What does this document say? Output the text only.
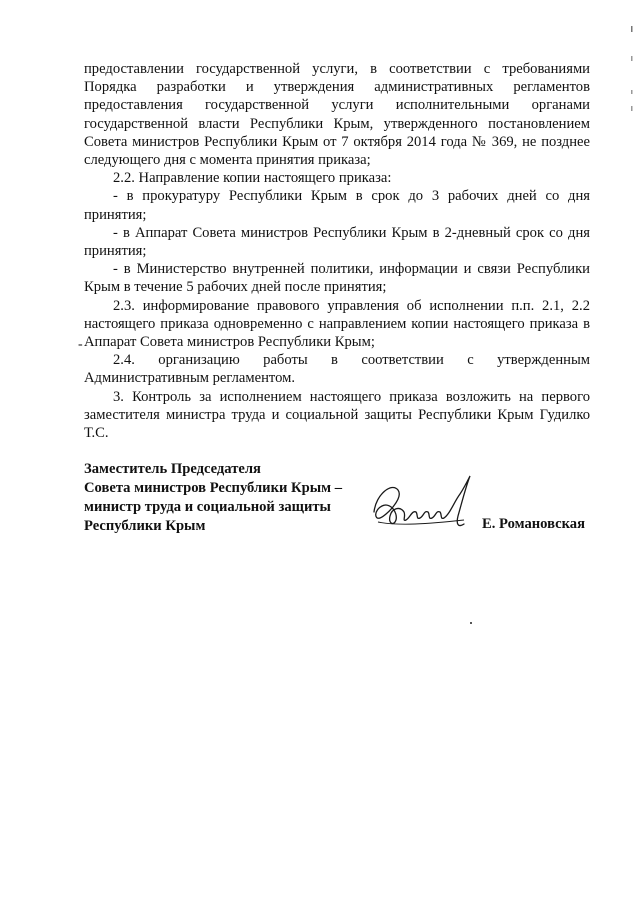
предоставлении государственной услуги, в соответствии с требованиями Порядка разработки и утверждения административных регламентов предоставления государственной услуги исполнительными органами государственной власти Республики Крым, утвержденного постановлением Совета министров Республики Крым от 7 октября 2014 года № 369, не позднее следующего дня с момента принятия приказа;

2.2. Направление копии настоящего приказа:

- в прокуратуру Республики Крым в срок до 3 рабочих дней со дня принятия;

- в Аппарат Совета министров Республики Крым в 2-дневный срок со дня принятия;

- в Министерство внутренней политики, информации и связи Республики Крым в течение 5 рабочих дней после принятия;

2.3. информирование правового управления об исполнении п.п. 2.1, 2.2 настоящего приказа одновременно с направлением копии настоящего приказа в Аппарат Совета министров Республики Крым;

2.4. организацию работы в соответствии с утвержденным Административным регламентом.

3. Контроль за исполнением настоящего приказа возложить на первого заместителя министра труда и социальной защиты Республики Крым Гудилко Т.С.

-

Заместитель Председателя

Совета министров Республики Крым –

министр труда и социальной защиты

Республики Крым	Е. Романовская
